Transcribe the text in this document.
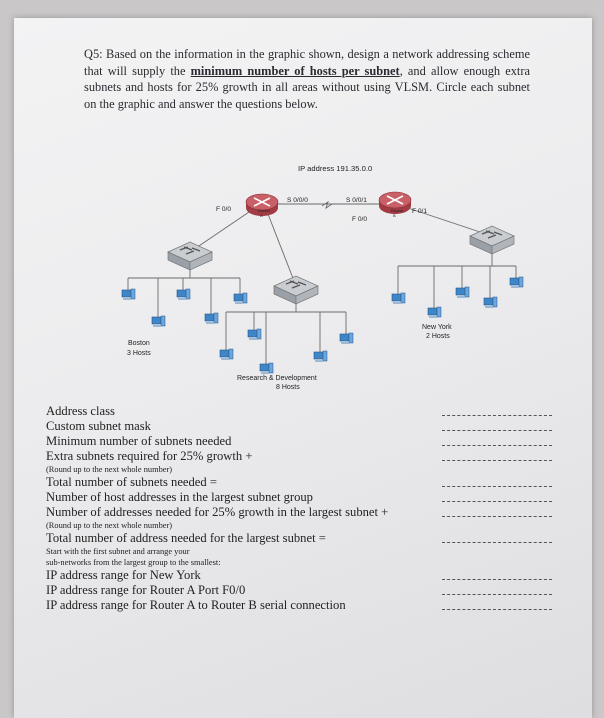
Q5: Based on the information in the graphic shown, design a network addressing scheme that will supply the minimum number of hosts per subnet, and allow enough extra subnets and hosts for 25% growth in all areas without using VLSM. Circle each subnet on the graphic and answer the questions below.
IP address 191.35.0.0
Router
A
Router
B
F 0/0
S 0/0/0	S 0/0/1
F 0/0
F 0/1
Boston
3 Hosts
New York
2 Hosts
Research & Development
8 Hosts
Address class
Custom subnet mask
Minimum number of subnets needed
Extra subnets required for 25% growth +
(Round up to the next whole number)
Total number of subnets needed =
Number of host addresses in the largest subnet group
Number of addresses needed for 25% growth in the largest subnet +
(Round up to the next whole number)
Total number of address needed for the largest subnet =
Start with the first subnet and arrange your
sub-networks from the largest group to the smallest:
IP address range for New York
IP address range for Router A Port F0/0
IP address range for Router A to Router B serial connection
